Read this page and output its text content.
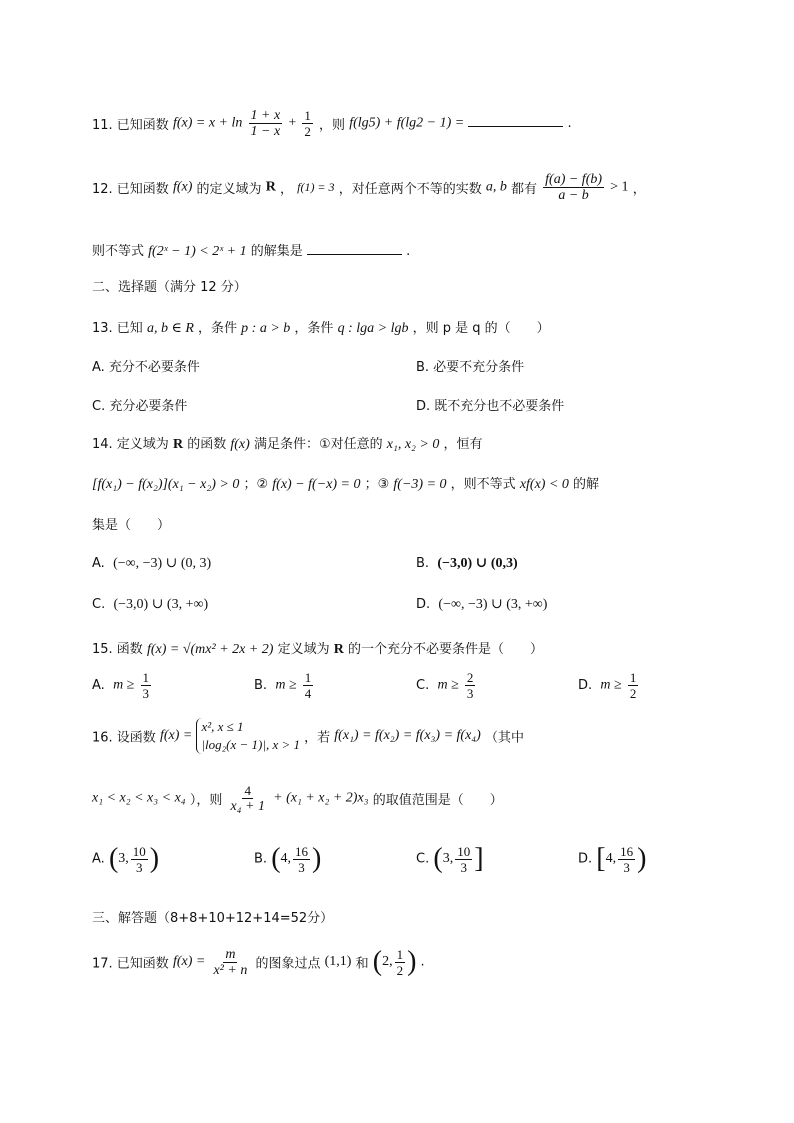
11. 已知函数 $f(x) = x + \ln \frac{1 + x}{1 - x} + \frac{1}{2}$ ，则 f(lg5) + f(lg2 − 1) =	.
12. 已知函数 f(x) 的定义域为 R ， f(1) = 3 ，对任意两个不等的实数 a, b 都有 $\frac{f(a) - f(b)}{a - b} > 1$ ，
则不等式 f(2ˣ − 1) < 2ˣ + 1 的解集是	.
二、选择题（满分 12 分）
13. 已知 a, b ∈ R ，条件 p : a > b ，条件 q : lga > lgb ，则 p 是 q 的（　　）
A. 充分不必要条件	B. 必要不充分条件
C. 充分必要条件	D. 既不充分也不必要条件
14. 定义域为 R 的函数 f(x) 满足条件：①对任意的 x₁, x₂ > 0 ，恒有
[f(x₁) − f(x₂)](x₁ − x₂) > 0 ；② f(x) − f(−x) = 0 ；③ f(−3) = 0 ，则不等式 xf(x) < 0 的解
集是（　　）
A. (−∞, −3) ∪ (0, 3)	B. (−3,0) ∪ (0,3)
C. (−3,0) ∪ (3, +∞)	D. (−∞, −3) ∪ (3, +∞)
15. 函数 f(x) = √(mx² + 2x + 2) 定义域为 R 的一个充分不必要条件是（　　）
A. $m \ge \frac{1}{3}$	B. $m \ge \frac{1}{4}$	C. $m \ge \frac{2}{3}$	D. $m \ge \frac{1}{2}$
16. 设函数 f(x) =
x², x ≤ 1
|log₂(x − 1)|, x > 1 ，若 f(x₁) = f(x₂) = f(x₃) = f(x₄) （其中
x₁ < x₂ < x₃ < x₄ ），则 $\frac{4}{\text{x₄ + 1}} + (x_1 + x_2 + 2)x_3$ 的取值范围是（　　）
A. (3, $\frac{10}{3}$ )	B. (4, $\frac{16}{3}$ )	C. (3, $\frac{10}{3}$ ]	D. [4, $\frac{16}{3}$ )
三、解答题（8+8+10+12+14=52分）
17. 已知函数 $f(x) = \frac{m}{\text{x² + n}}$ 的图象过点 (1,1) 和 (2, $\frac{1}{2}$ ) .
